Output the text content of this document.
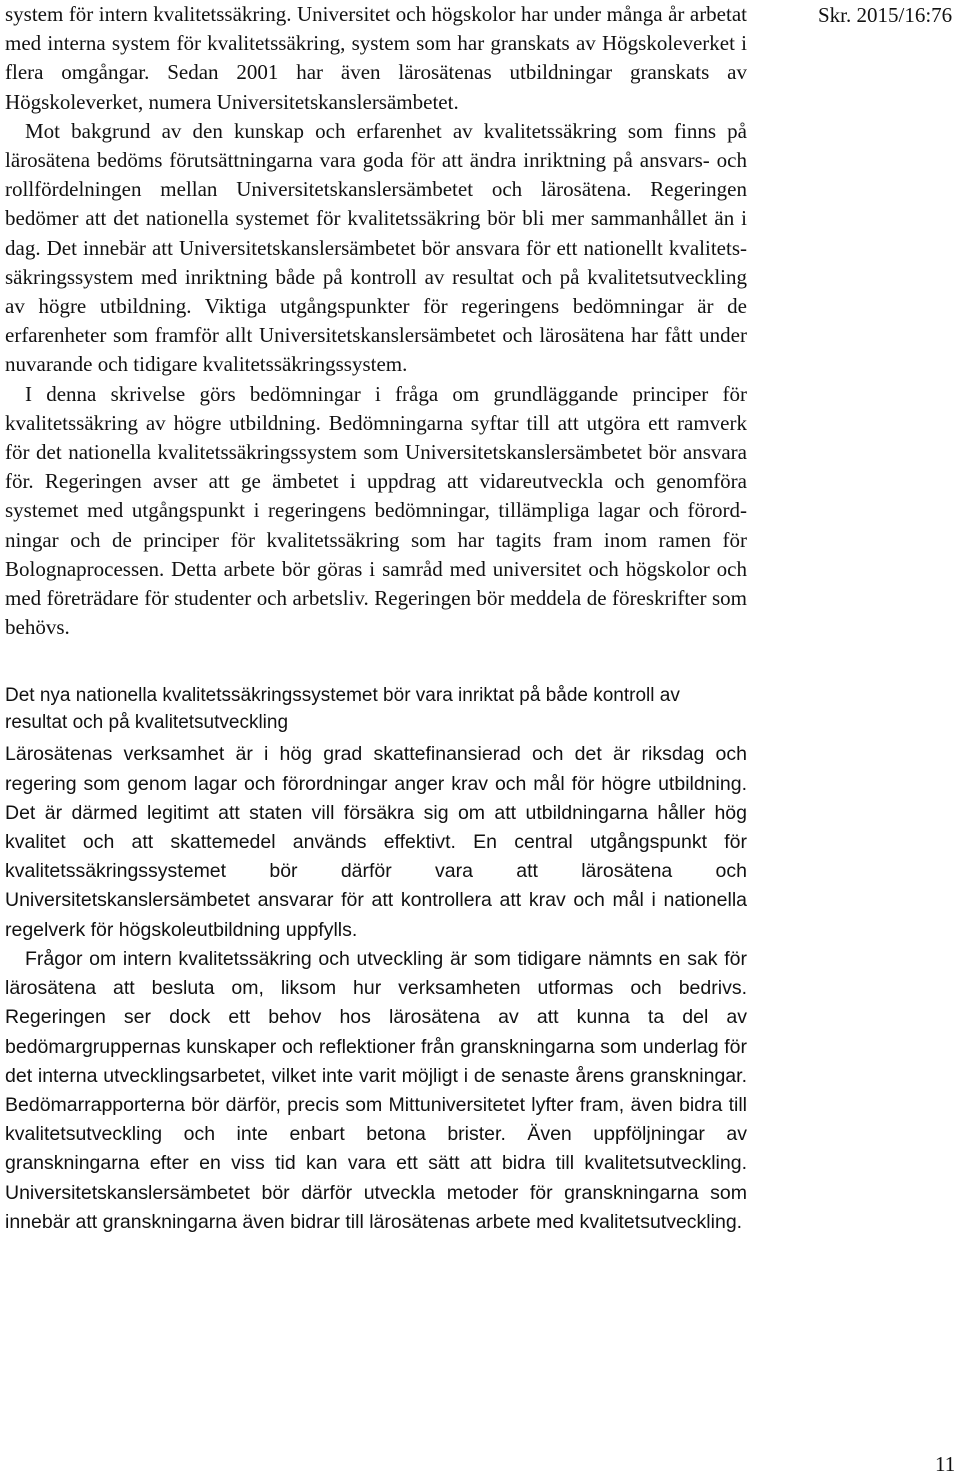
Skr. 2015/16:76

system för intern kvalitetssäkring. Universitet och högskolor har under många år arbetat med interna system för kvalitetssäkring, system som har granskats av Högskoleverket i flera omgångar. Sedan 2001 har även lärosätenas utbildningar granskats av Högskoleverket, numera Universitetskanslersämbetet.

Mot bakgrund av den kunskap och erfarenhet av kvalitetssäkring som finns på lärosätena bedöms förutsättningarna vara goda för att ändra inriktning på ansvars- och rollfördelningen mellan Universitetskanslersämbetet och lärosätena. Regeringen bedömer att det nationella systemet för kvalitetssäkring bör bli mer sammanhållet än i dag. Det innebär att Universitetskanslersämbetet bör ansvara för ett nationellt kvalitetssäkringssystem med inriktning både på kontroll av resultat och på kvalitetsutveckling av högre utbildning. Viktiga utgångspunkter för regeringens bedömningar är de erfarenheter som framför allt Universitetskanslersämbetet och lärosätena har fått under nuvarande och tidigare kvalitetssäkringssystem.

I denna skrivelse görs bedömningar i fråga om grundläggande principer för kvalitetssäkring av högre utbildning. Bedömningarna syftar till att utgöra ett ramverk för det nationella kvalitetssäkringssystem som Universitetskanslersämbetet bör ansvara för. Regeringen avser att ge ämbetet i uppdrag att vidareutveckla och genomföra systemet med utgångspunkt i regeringens bedömningar, tillämpliga lagar och förordningar och de principer för kvalitetssäkring som har tagits fram inom ramen för Bolognaprocessen. Detta arbete bör göras i samråd med universitet och högskolor och med företrädare för studenter och arbetsliv. Regeringen bör meddela de föreskrifter som behövs.

Det nya nationella kvalitetssäkringssystemet bör vara inriktat på både kontroll av resultat och på kvalitetsutveckling

Lärosätenas verksamhet är i hög grad skattefinansierad och det är riksdag och regering som genom lagar och förordningar anger krav och mål för högre utbildning. Det är därmed legitimt att staten vill försäkra sig om att utbildningarna håller hög kvalitet och att skattemedel används effektivt. En central utgångspunkt för kvalitetssäkringssystemet bör därför vara att lärosätena och Universitetskanslersämbetet ansvarar för att kontrollera att krav och mål i nationella regelverk för högskoleutbildning uppfylls.

Frågor om intern kvalitetssäkring och utveckling är som tidigare nämnts en sak för lärosätena att besluta om, liksom hur verksamheten utformas och bedrivs. Regeringen ser dock ett behov hos lärosätena av att kunna ta del av bedömargruppernas kunskaper och reflektioner från granskningarna som underlag för det interna utvecklingsarbetet, vilket inte varit möjligt i de senaste årens granskningar. Bedömarrapporterna bör därför, precis som Mittuniversitetet lyfter fram, även bidra till kvalitetsutveckling och inte enbart betona brister. Även uppföljningar av granskningarna efter en viss tid kan vara ett sätt att bidra till kvalitetsutveckling. Universitetskanslersämbetet bör därför utveckla metoder för granskningarna som innebär att granskningarna även bidrar till lärosätenas arbete med kvalitetsutveckling.

11
